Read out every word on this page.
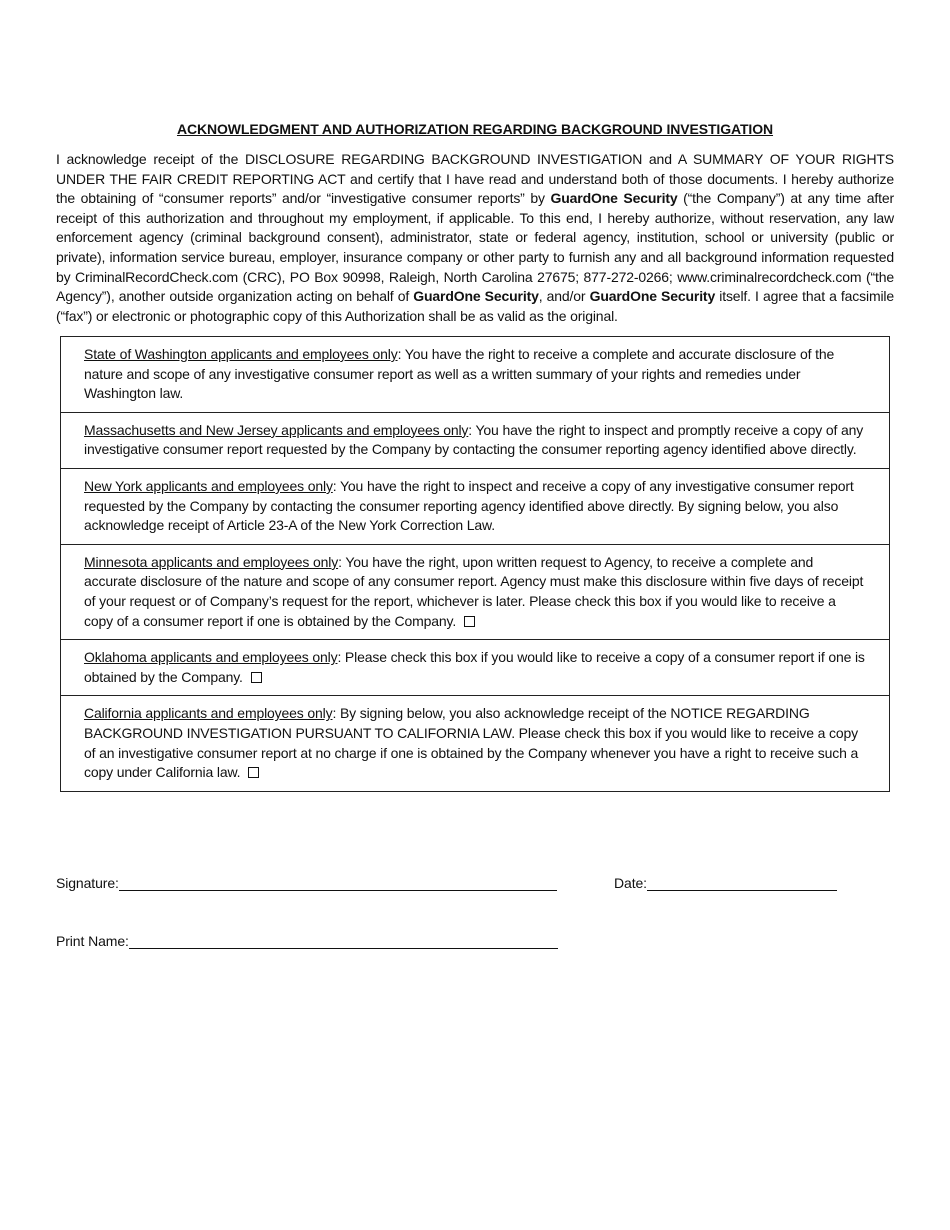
ACKNOWLEDGMENT AND AUTHORIZATION REGARDING BACKGROUND INVESTIGATION

I acknowledge receipt of the DISCLOSURE REGARDING BACKGROUND INVESTIGATION and A SUMMARY OF YOUR RIGHTS UNDER THE FAIR CREDIT REPORTING ACT and certify that I have read and understand both of those documents. I hereby authorize the obtaining of “consumer reports” and/or “investigative consumer reports” by GuardOne Security (“the Company”) at any time after receipt of this authorization and throughout my employment, if applicable. To this end, I hereby authorize, without reservation, any law enforcement agency (criminal background consent), administrator, state or federal agency, institution, school or university (public or private), information service bureau, employer, insurance company or other party to furnish any and all background information requested by CriminalRecordCheck.com (CRC), PO Box 90998, Raleigh, North Carolina 27675; 877-272-0266; www.criminalrecordcheck.com (“the Agency”), another outside organization acting on behalf of GuardOne Security, and/or GuardOne Security itself. I agree that a facsimile (“fax”) or electronic or photographic copy of this Authorization shall be as valid as the original.

State of Washington applicants and employees only: You have the right to receive a complete and accurate disclosure of the nature and scope of any investigative consumer report as well as a written summary of your rights and remedies under Washington law.
Massachusetts and New Jersey applicants and employees only: You have the right to inspect and promptly receive a copy of any investigative consumer report requested by the Company by contacting the consumer reporting agency identified above directly.
New York applicants and employees only: You have the right to inspect and receive a copy of any investigative consumer report requested by the Company by contacting the consumer reporting agency identified above directly. By signing below, you also acknowledge receipt of Article 23-A of the New York Correction Law.
Minnesota applicants and employees only: You have the right, upon written request to Agency, to receive a complete and accurate disclosure of the nature and scope of any consumer report. Agency must make this disclosure within five days of receipt of your request or of Company’s request for the report, whichever is later. Please check this box if you would like to receive a copy of a consumer report if one is obtained by the Company.
Oklahoma applicants and employees only: Please check this box if you would like to receive a copy of a consumer report if one is obtained by the Company.
California applicants and employees only: By signing below, you also acknowledge receipt of the NOTICE REGARDING BACKGROUND INVESTIGATION PURSUANT TO CALIFORNIA LAW. Please check this box if you would like to receive a copy of an investigative consumer report at no charge if one is obtained by the Company whenever you have a right to receive such a copy under California law.
Signature:	Date:
Print Name:
